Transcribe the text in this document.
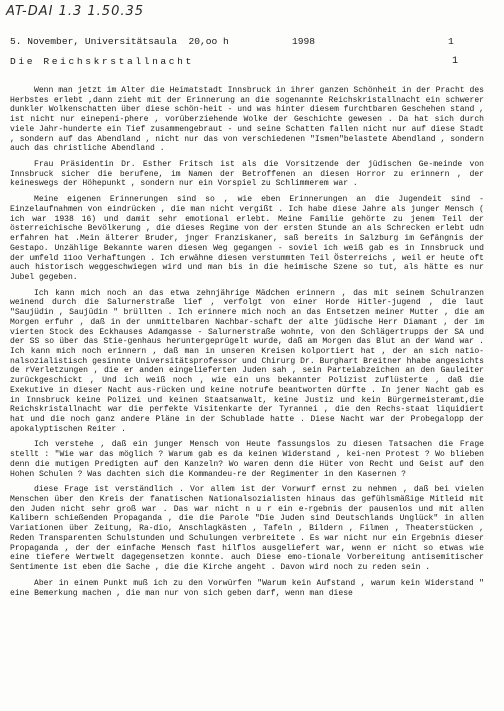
AT-DAI 1.3 1.50.35
5. November, Universitätsaula  20,oo h	1998	1
Die Reichskrstallnacht	1

Wenn man jetzt im Alter die Heimatstadt Innsbruck in ihrer ganzen Schönheit in der Pracht des Herbstes erlebt ,dann zieht mit der Erinnerung an die sogenannte Reichskristallnacht ein schwerer dunkler Wolkenschatten über diese schön-heit - und was hinter diesem furchtbaren Geschehen stand , ist nicht nur einepeni-phere , vorüberziehende Wolke der Geschichte gewesen . Da hat sich durch viele Jahr-hunderte ein Tief zusammengebraut - und seine Schatten fallen nicht nur auf diese Stadt , sondern auf das Abendland , nicht nur das von verschiedenen "Ismen"belastete Abendland , sondern auch das christliche Abendland .

Frau Präsidentin Dr. Esther Fritsch ist als die Vorsitzende der jüdischen Ge-meinde von Innsbruck sicher die berufene, im Namen der Betroffenen an diesen Horror zu erinnern , der keineswegs der Höhepunkt , sondern nur ein Vorspiel zu Schlimmerem war .

Meine eigenen Erinnerungen sind so , wie eben Erinnerungen an die Jugendeit sind - Einzelaufnahmen von eindrücken , die man nicht vergißt . Ich habe diese Jahre als junger Mensch ( ich war 1938 16) und damit sehr emotional erlebt. Meine Familie gehörte zu jenem Teil der österreichische Bevölkerung , die dieses Regime von der ersten Stunde an als Schrecken erlebt udn erfahren hat .Mein älterer Bruder, jnger Franziskaner, saß bereits in Salzburg im Gefängnis der Gestapo. Unzählige Bekannte waren diesen Weg gegangen - soviel ich weiß gab es in Innsbruck und der umfeld 11oo Verhaftungen . Ich erwähne diesen verstummten Teil Österreichs , weil er heute oft auch historisch weggeschwiegen wird und man bis in die heimische Szene so tut, als hätte es nur Jubel gegeben.

Ich kann mich noch an das etwa zehnjährige Mädchen erinnern , das mit seinem Schulranzen weinend durch die Salurnerstraße lief , verfolgt von einer Horde Hitler-jugend , die laut "Saujüdin , Saujüdin " brüllten . Ich erinnere mich noch an das Entsetzen meiner Mutter , die am Morgen erfuhr , daß in der unmittelbaren Nachbar-schaft der alte jüdische Herr Diamant , der im vierten Stock des Eckhauses Adamgasse - Salurnerstraße wohnte, von den Schlägertrupps der SA und der SS so über das Stie-genhaus heruntergeprügelt wurde, daß am Morgen das Blut an der Wand war . Ich kann mich noch erinnern , daß man in unseren Kreisen kolportiert hat , der an sich natio-nalsozialistisch gesinnte Universitätsprofessor und Chirurg Dr. Burghart Breitner hhabe angesichts de rVerletzungen , die er anden eingelieferten Juden sah , sein Parteiabzeichen an den Gauleiter zurückgeschickt , Und ich weiß noch , wie ein uns bekannter Polizist zuflüsterte , daß die Exekutive in dieser Nacht aus-rücken und keine notrufe beantworten dürfte . In jener Nacht gab es in Innsbruck keine Polizei und keinen Staatsanwalt, keine Justiz und kein Bürgermeisteramt,die Reichskristallnacht war die perfekte Visitenkarte der Tyrannei , die den Rechs-staat liquidiert hat und die noch ganz andere Pläne in der Schublade hatte . Diese Nacht war der Probegalopp der apokalyptischen Reiter .

Ich verstehe , daß ein junger Mensch von Heute fassungslos zu diesen Tatsachen die Frage stellt : "Wie war das möglich ? Warum gab es da keinen Widerstand , kei-nen Protest ? Wo blieben denn die mutigen Predigten auf den Kanzeln? Wo waren denn die Hüter von Recht und Geist auf den Hohen Schulen ? Was dachten sich die Kommandeu-re der Regimenter in den Kasernen ?

diese Frage ist verständlich . Vor allem ist der Vorwurf ernst zu nehmen , daß bei vielen Menschen über den Kreis der fanatischen Nationalsozialisten hinaus das gefühlsmäßige Mitleid mit den Juden nicht sehr groß war . Das war nicht n u r ein e-rgebnis der pausenlos und mit allen Kalibern schießenden Propaganda , die die Parole "Die Juden sind Deutschlands Unglück" in allen Variationen über Zeitung, Ra-dio, Anschlagkästen , Tafeln , Bildern , Filmen , Theaterstücken , Reden Transparenten Schulstunden und Schulungen verbreitete . Es war nicht nur ein Ergebnis dieser Propaganda , der der einfache Mensch fast hilflos ausgeliefert war, wenn er nicht so etwas wie eine tiefere Wertwelt dagegensetzen konnte. auch Diese emo-tionale Vorbereitung antisemitischer Sentimente ist eben die Sache , die die Kirche angeht . Davon wird noch zu reden sein .

Aber in einem Punkt muß ich zu den Vorwürfen "Warum kein Aufstand , warum kein Widerstand " eine Bemerkung machen , die man nur von sich geben darf, wenn man diese
